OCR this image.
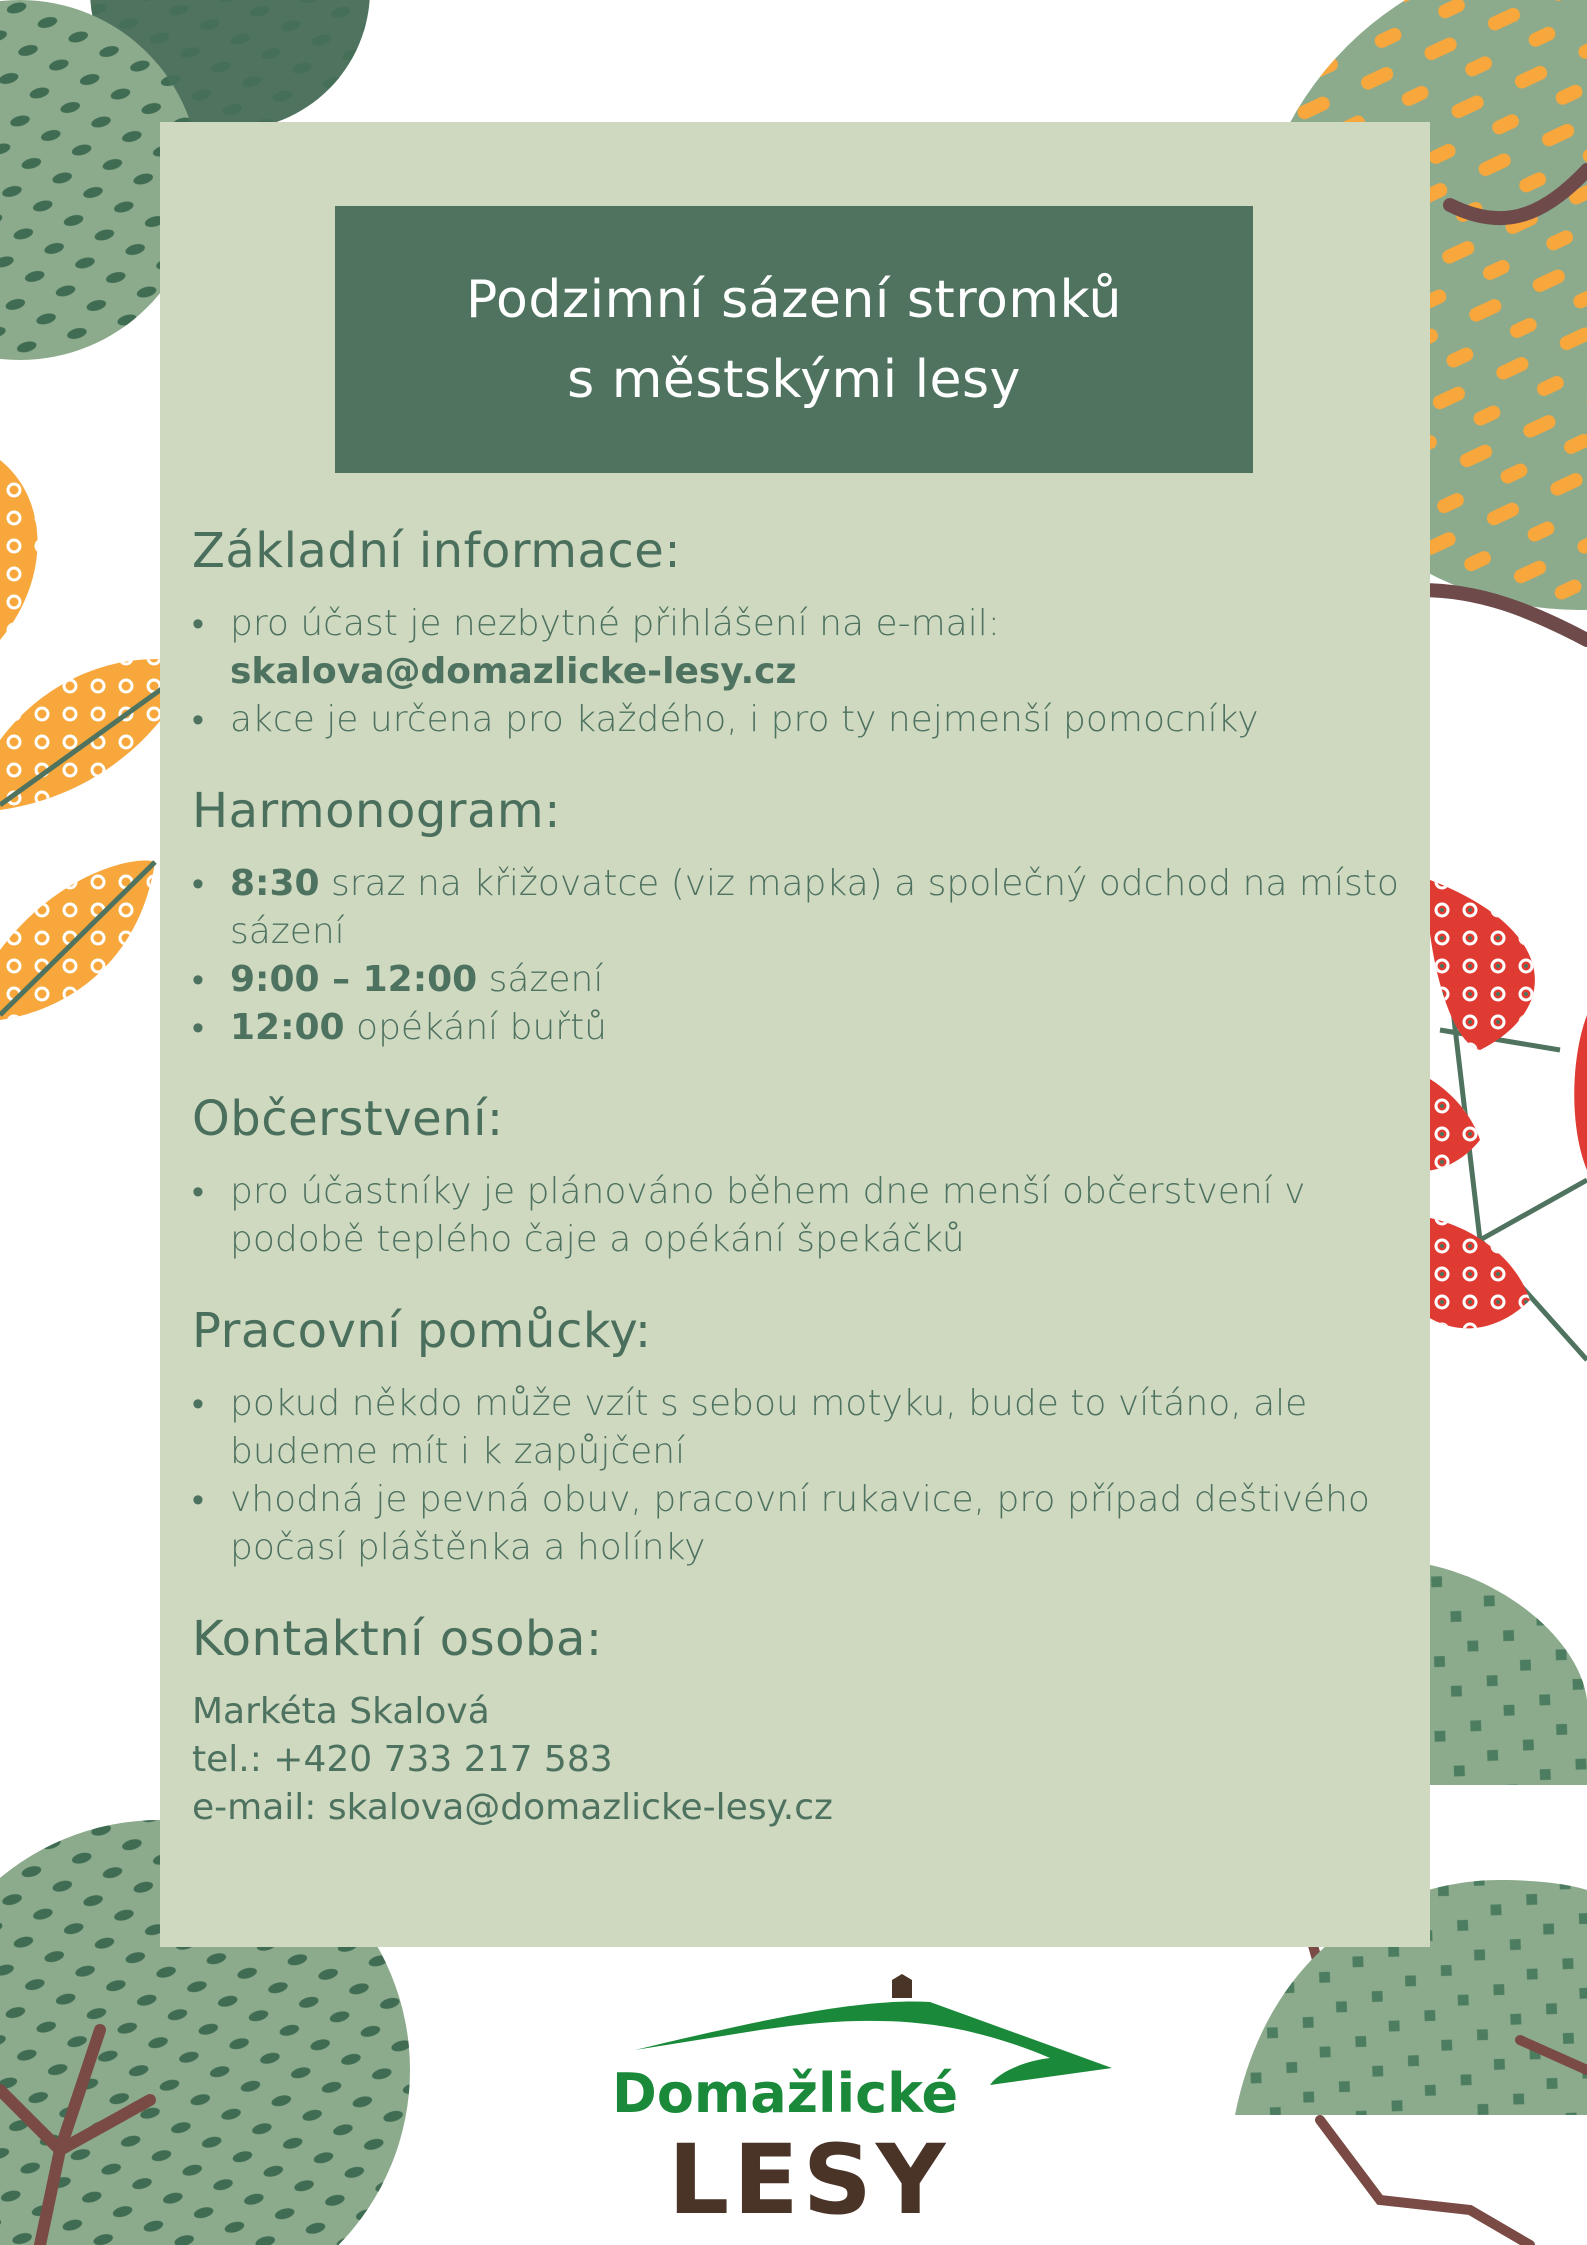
Podzimní sázení stromků
s městskými lesy
Základní informace:
• pro účast je nezbytné přihlášení na e-mail:
skalova@domazlicke-lesy.cz
• akce je určena pro každého, i pro ty nejmenší pomocníky
Harmonogram:
• 8:30 sraz na křižovatce (viz mapka) a společný odchod na místo sázení
• 9:00 – 12:00 sázení
• 12:00 opékání buřtů
Občerstvení:
• pro účastníky je plánováno během dne menší občerstvení v podobě teplého čaje a opékání špekáčků
Pracovní pomůcky:
• pokud někdo může vzít s sebou motyku, bude to vítáno, ale budeme mít i k zapůjčení
• vhodná je pevná obuv, pracovní rukavice, pro případ deštivého počasí pláštěnka a holínky
Kontaktní osoba:

Markéta Skalová

tel.: +420 733 217 583

e-mail: skalova@domazlicke-lesy.cz

Domažlické
LESY
